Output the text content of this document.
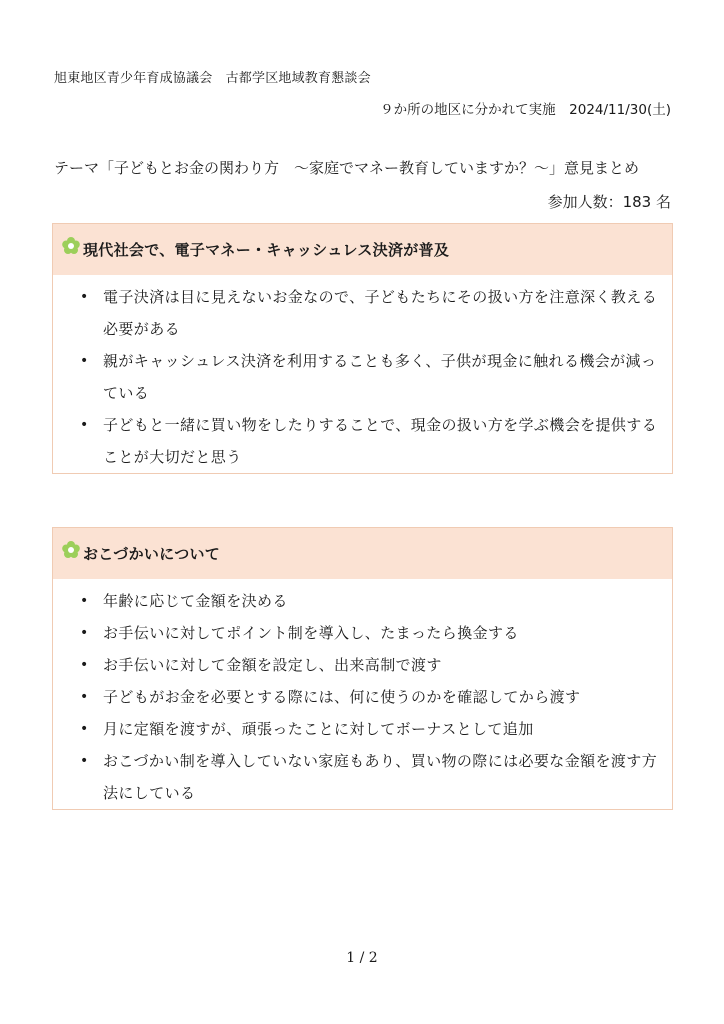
旭東地区青少年育成協議会　古都学区地域教育懇談会
９か所の地区に分かれて実施　2024/11/30(土)
テーマ「子どもとお金の関わり方　～家庭でマネー教育していますか？～」意見まとめ
参加人数：183 名
現代社会で、電子マネー・キャッシュレス決済が普及
• 電子決済は目に見えないお金なので、子どもたちにその扱い方を注意深く教える必要がある
• 親がキャッシュレス決済を利用することも多く、子供が現金に触れる機会が減っている
• 子どもと一緒に買い物をしたりすることで、現金の扱い方を学ぶ機会を提供することが大切だと思う
おこづかいについて
• 年齢に応じて金額を決める
• お手伝いに対してポイント制を導入し、たまったら換金する
• お手伝いに対して金額を設定し、出来高制で渡す
• 子どもがお金を必要とする際には、何に使うのかを確認してから渡す
• 月に定額を渡すが、頑張ったことに対してボーナスとして追加
• おこづかい制を導入していない家庭もあり、買い物の際には必要な金額を渡す方法にしている
1 / 2
